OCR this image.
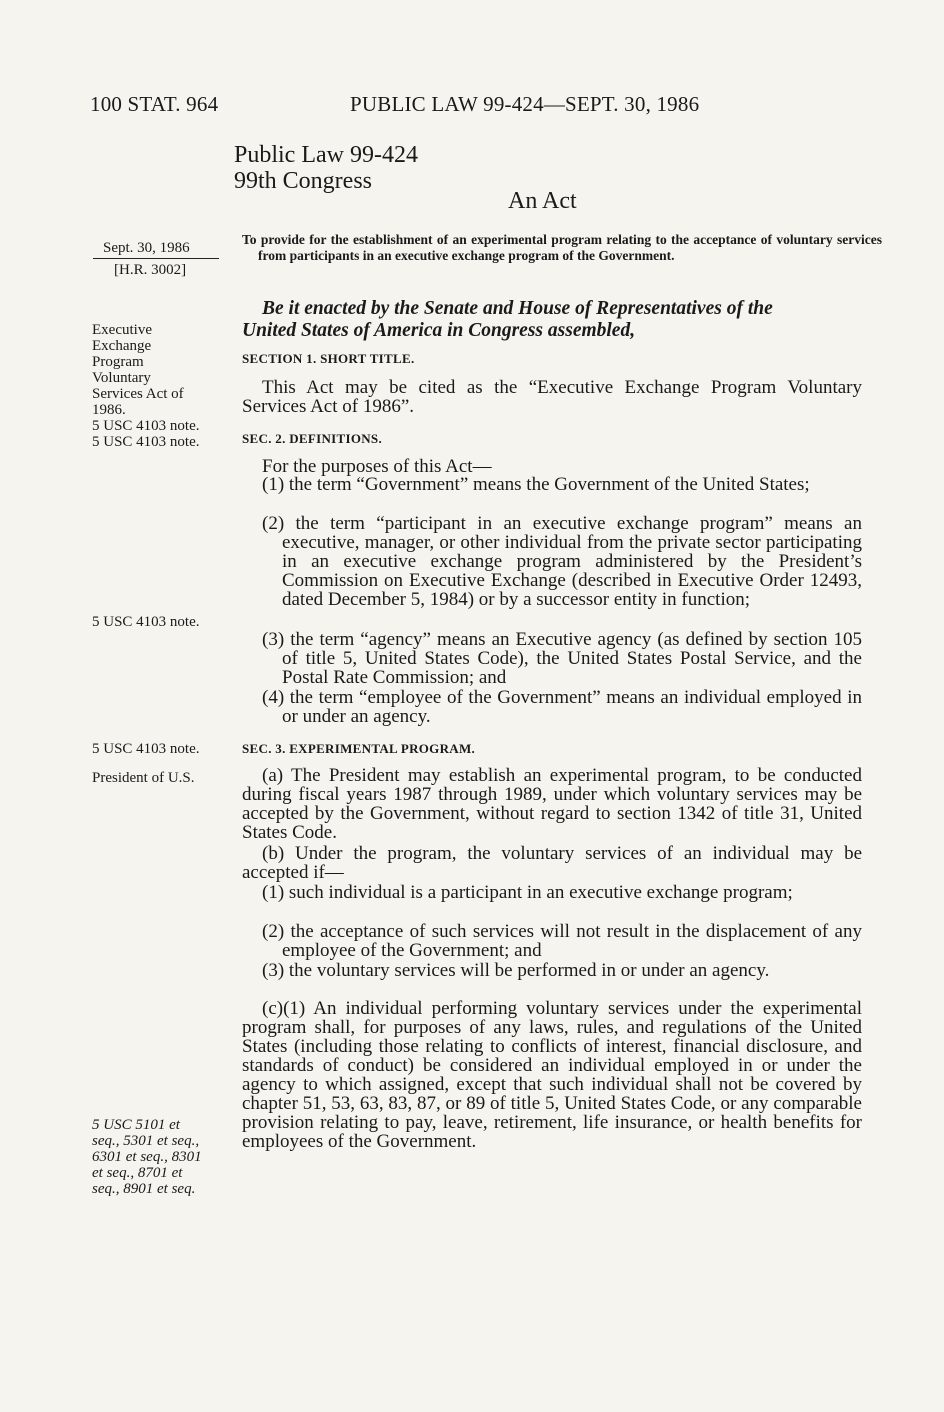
100 STAT. 964	PUBLIC LAW 99-424—SEPT. 30, 1986
Public Law 99-424
99th Congress
An Act
Sept. 30, 1986
[H.R. 3002]
Executive
Exchange
Program
Voluntary
Services Act of
1986.
5 USC 4103 note.
5 USC 4103 note.
5 USC 4103 note.
5 USC 4103 note.
President of U.S.
5 USC 5101 et
seq., 5301 et seq.,
6301 et seq., 8301
et seq., 8701 et
seq., 8901 et seq.
To provide for the establishment of an experimental program relating to the acceptance of voluntary services from participants in an executive exchange program of the Government.
Be it enacted by the Senate and House of Representatives of the
United States of America in Congress assembled,
SECTION 1. SHORT TITLE.
This Act may be cited as the “Executive Exchange Program Voluntary Services Act of 1986”.
SEC. 2. DEFINITIONS.
For the purposes of this Act—
(1) the term “Government” means the Government of the United States;
(2) the term “participant in an executive exchange program” means an executive, manager, or other individual from the private sector participating in an executive exchange program administered by the President’s Commission on Executive Exchange (described in Executive Order 12493, dated December 5, 1984) or by a successor entity in function;
(3) the term “agency” means an Executive agency (as defined by section 105 of title 5, United States Code), the United States Postal Service, and the Postal Rate Commission; and
(4) the term “employee of the Government” means an individual employed in or under an agency.
SEC. 3. EXPERIMENTAL PROGRAM.
(a) The President may establish an experimental program, to be conducted during fiscal years 1987 through 1989, under which voluntary services may be accepted by the Government, without regard to section 1342 of title 31, United States Code.
(b) Under the program, the voluntary services of an individual may be accepted if—
(1) such individual is a participant in an executive exchange program;
(2) the acceptance of such services will not result in the displacement of any employee of the Government; and
(3) the voluntary services will be performed in or under an agency.
(c)(1) An individual performing voluntary services under the experimental program shall, for purposes of any laws, rules, and regulations of the United States (including those relating to conflicts of interest, financial disclosure, and standards of conduct) be considered an individual employed in or under the agency to which assigned, except that such individual shall not be covered by chapter 51, 53, 63, 83, 87, or 89 of title 5, United States Code, or any comparable provision relating to pay, leave, retirement, life insurance, or health benefits for employees of the Government.
